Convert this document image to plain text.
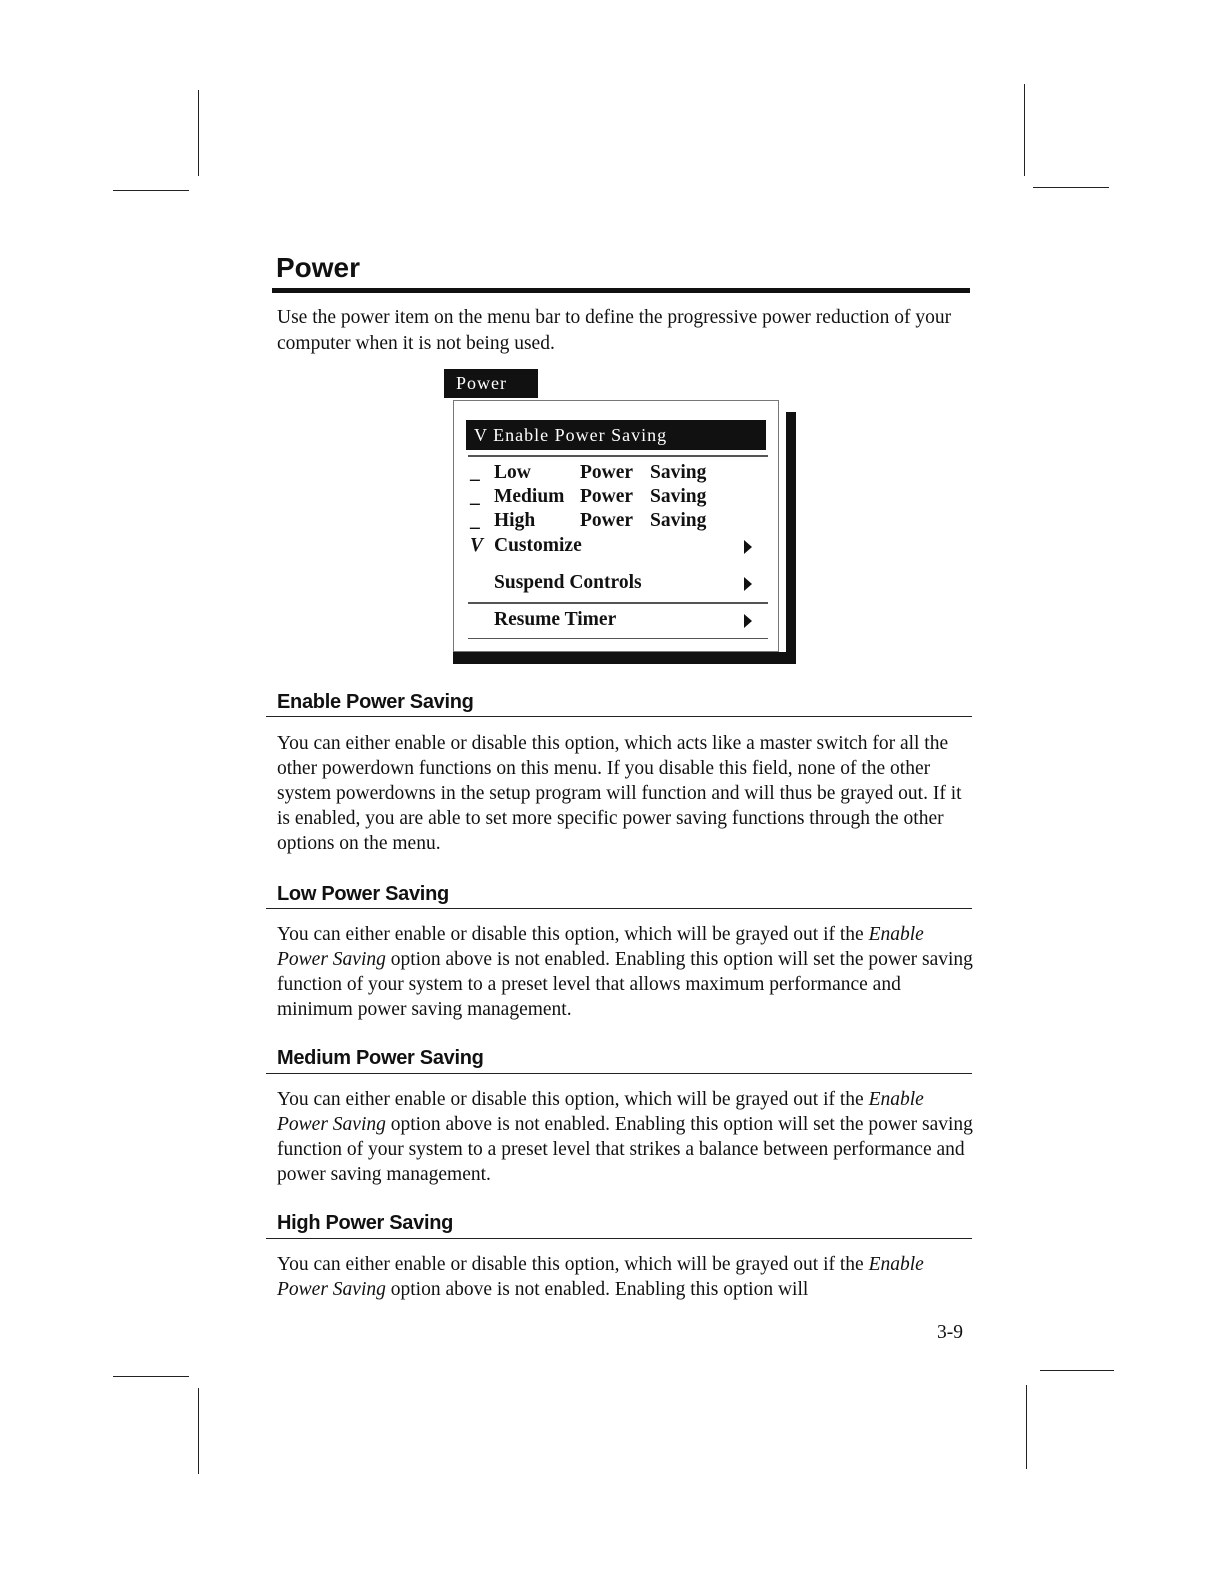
Power

Use the power item on the menu bar to define the progressive power reduction of your computer when it is not being used.

Power
V Enable Power Saving
_ Low	Power Saving
_ Medium Power Saving
_ High Power Saving
V Customize
Suspend Controls
Resume Timer
Enable Power Saving

You can either enable or disable this option, which acts like a master switch for all the other powerdown functions on this menu. If you disable this field, none of the other system powerdowns in the setup program will function and will thus be grayed out. If it is enabled, you are able to set more specific power saving functions through the other options on the menu.

Low Power Saving

You can either enable or disable this option, which will be grayed out if the Enable Power Saving option above is not enabled. Enabling this option will set the power saving function of your system to a preset level that allows maximum performance and minimum power saving management.

Medium Power Saving

You can either enable or disable this option, which will be grayed out if the Enable Power Saving option above is not enabled. Enabling this option will set the power saving function of your system to a preset level that strikes a balance between performance and power saving management.

High Power Saving

You can either enable or disable this option, which will be grayed out if the Enable Power Saving option above is not enabled. Enabling this option will

3-9
